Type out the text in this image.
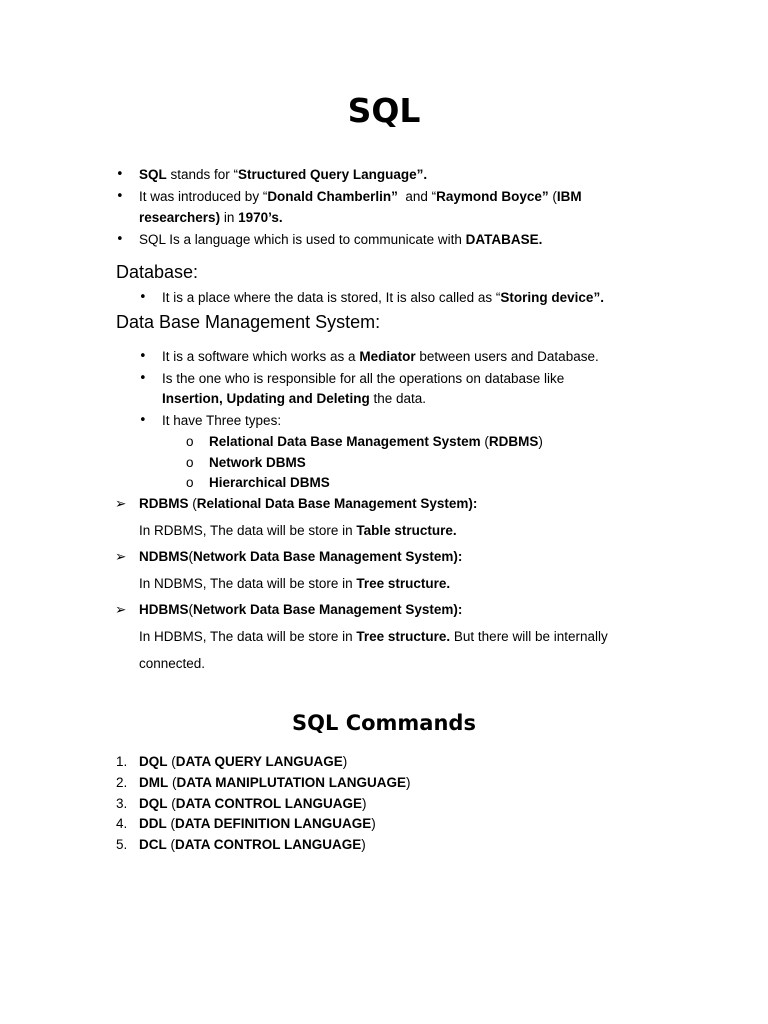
SQL
• SQL stands for “Structured Query Language”.
• It was introduced by “Donald Chamberlin”  and “Raymond Boyce” (IBM
researchers) in 1970’s.
• SQL Is a language which is used to communicate with DATABASE.
Database:
• It is a place where the data is stored, It is also called as “Storing device”.
Data Base Management System:
• It is a software which works as a Mediator between users and Database.
• Is the one who is responsible for all the operations on database like
Insertion, Updating and Deleting the data.
• It have Three types:
o Relational Data Base Management System (RDBMS)
o Network DBMS
o Hierarchical DBMS
➢ RDBMS (Relational Data Base Management System):
In RDBMS, The data will be store in Table structure.
➢ NDBMS(Network Data Base Management System):
In NDBMS, The data will be store in Tree structure.
➢ HDBMS(Network Data Base Management System):
In HDBMS, The data will be store in Tree structure. But there will be internally
connected.
SQL Commands
1. DQL (DATA QUERY LANGUAGE)
2. DML (DATA MANIPLUTATION LANGUAGE)
3. DQL (DATA CONTROL LANGUAGE)
4. DDL (DATA DEFINITION LANGUAGE)
5. DCL (DATA CONTROL LANGUAGE)
